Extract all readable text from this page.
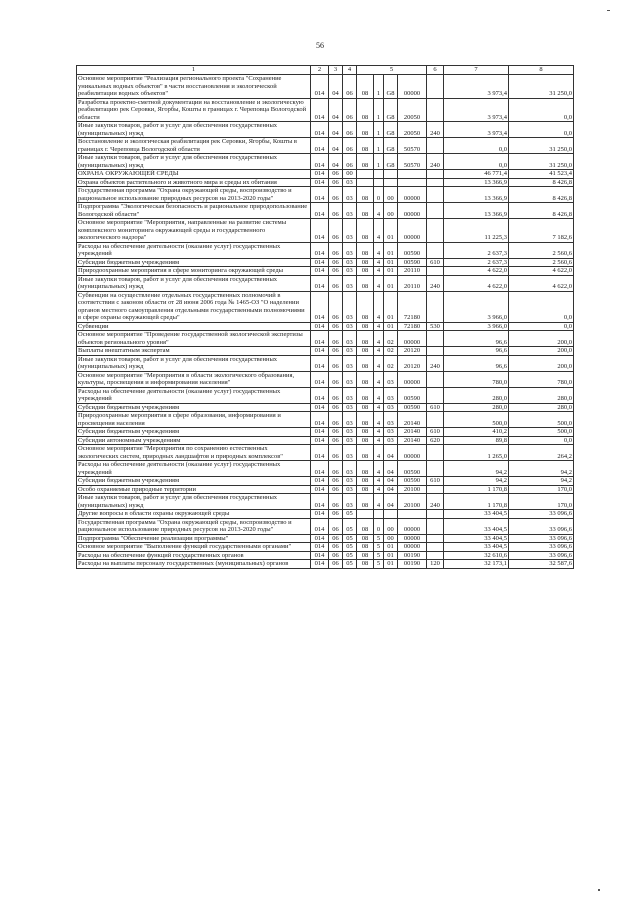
56
1	2	3	4	5				6	7	8
Основное мероприятие "Реализация регионального проекта "Сохранение уникальных водных объектов" в части восстановления и экологической реабилитации водных объектов"	014	04	06	08	1	G8	00000		3 973,4	31 250,0
Разработка проектно-сметной документации на восстановление и экологическую реабилитацию рек Серовки, Ягорбы, Кошты в границах г. Череповца Вологодской области	014	04	06	08	1	G8	20050		3 973,4	0,0
Иные закупки товаров, работ и услуг для обеспечения государственных (муниципальных) нужд	014	04	06	08	1	G8	20050	240	3 973,4	0,0
Восстановление и экологическая реабилитация рек Серовки, Ягорбы, Кошты в границах г. Череповца Вологодской области	014	04	06	08	1	G8	50570		0,0	31 250,0
Иные закупки товаров, работ и услуг для обеспечения государственных (муниципальных) нужд	014	04	06	08	1	G8	50570	240	0,0	31 250,0
ОХРАНА ОКРУЖАЮЩЕЙ СРЕДЫ	014	06	00						46 771,4	41 523,4
Охрана объектов растительного и животного мира и среды их обитания	014	06	03						13 366,9	8 426,8
Государственная программа "Охрана окружающей среды, воспроизводство и рациональное использование природных ресурсов на 2013-2020 годы"	014	06	03	08	0	00	00000		13 366,9	8 426,8
Подпрограмма "Экологическая безопасность и рациональное природопользование Вологодской области"	014	06	03	08	4	00	00000		13 366,9	8 426,8
Основное мероприятие "Мероприятия, направленные на развитие системы комплексного мониторинга окружающей среды и государственного экологического надзора"	014	06	03	08	4	01	00000		11 225,3	7 182,6
Расходы на обеспечение деятельности (оказание услуг) государственных учреждений	014	06	03	08	4	01	00590		2 637,3	2 560,6
Субсидии бюджетным учреждениям	014	06	03	08	4	01	00590	610	2 637,3	2 560,6
Природоохранные мероприятия в сфере мониторинга окружающей среды	014	06	03	08	4	01	20110		4 622,0	4 622,0
Иные закупки товаров, работ и услуг для обеспечения государственных (муниципальных) нужд	014	06	03	08	4	01	20110	240	4 622,0	4 622,0
Субвенции на осуществление отдельных государственных полномочий в соответствии с законом области от 28 июня 2006 года № 1465-ОЗ "О наделении органов местного самоуправления отдельными государственными полномочиями в сфере охраны окружающей среды"	014	06	03	08	4	01	72180		3 966,0	0,0
Субвенции	014	06	03	08	4	01	72180	530	3 966,0	0,0
Основное мероприятие "Проведение государственной экологической экспертизы объектов регионального уровня"	014	06	03	08	4	02	00000		96,6	200,0
Выплаты внештатным экспертам	014	06	03	08	4	02	20120		96,6	200,0
Иные закупки товаров, работ и услуг для обеспечения государственных (муниципальных) нужд	014	06	03	08	4	02	20120	240	96,6	200,0
Основное мероприятие "Мероприятия в области экологического образования, культуры, просвещения и информирования населения"	014	06	03	08	4	03	00000		780,0	780,0
Расходы на обеспечение деятельности (оказание услуг) государственных учреждений	014	06	03	08	4	03	00590		280,0	280,0
Субсидии бюджетным учреждениям	014	06	03	08	4	03	00590	610	280,0	280,0
Природоохранные мероприятия в сфере образования, информирования и просвещения населения	014	06	03	08	4	03	20140		500,0	500,0
Субсидии бюджетным учреждениям	014	06	03	08	4	03	20140	610	410,2	500,0
Субсидии автономным учреждениям	014	06	03	08	4	03	20140	620	89,8	0,0
Основное мероприятие "Мероприятия по сохранению естественных экологических систем, природных ландшафтов и природных комплексов"	014	06	03	08	4	04	00000		1 265,0	264,2
Расходы на обеспечение деятельности (оказание услуг) государственных учреждений	014	06	03	08	4	04	00590		94,2	94,2
Субсидии бюджетным учреждениям	014	06	03	08	4	04	00590	610	94,2	94,2
Особо охраняемые природные территории	014	06	03	08	4	04	20100		1 170,8	170,0
Иные закупки товаров, работ и услуг для обеспечения государственных (муниципальных) нужд	014	06	03	08	4	04	20100	240	1 170,8	170,0
Другие вопросы в области охраны окружающей среды	014	06	05						33 404,5	33 096,6
Государственная программа "Охрана окружающей среды, воспроизводство и рациональное использование природных ресурсов на 2013-2020 годы"	014	06	05	08	0	00	00000		33 404,5	33 096,6
Подпрограмма "Обеспечение реализации программы"	014	06	05	08	5	00	00000		33 404,5	33 096,6
Основное мероприятие "Выполнение функций государственными органами"	014	06	05	08	5	01	00000		33 404,5	33 096,6
Расходы на обеспечение функций государственных органов	014	06	05	08	5	01	00190		32 610,6	33 096,6
Расходы на выплаты персоналу государственных (муниципальных) органов	014	06	05	08	5	01	00190	120	32 173,1	32 587,6
